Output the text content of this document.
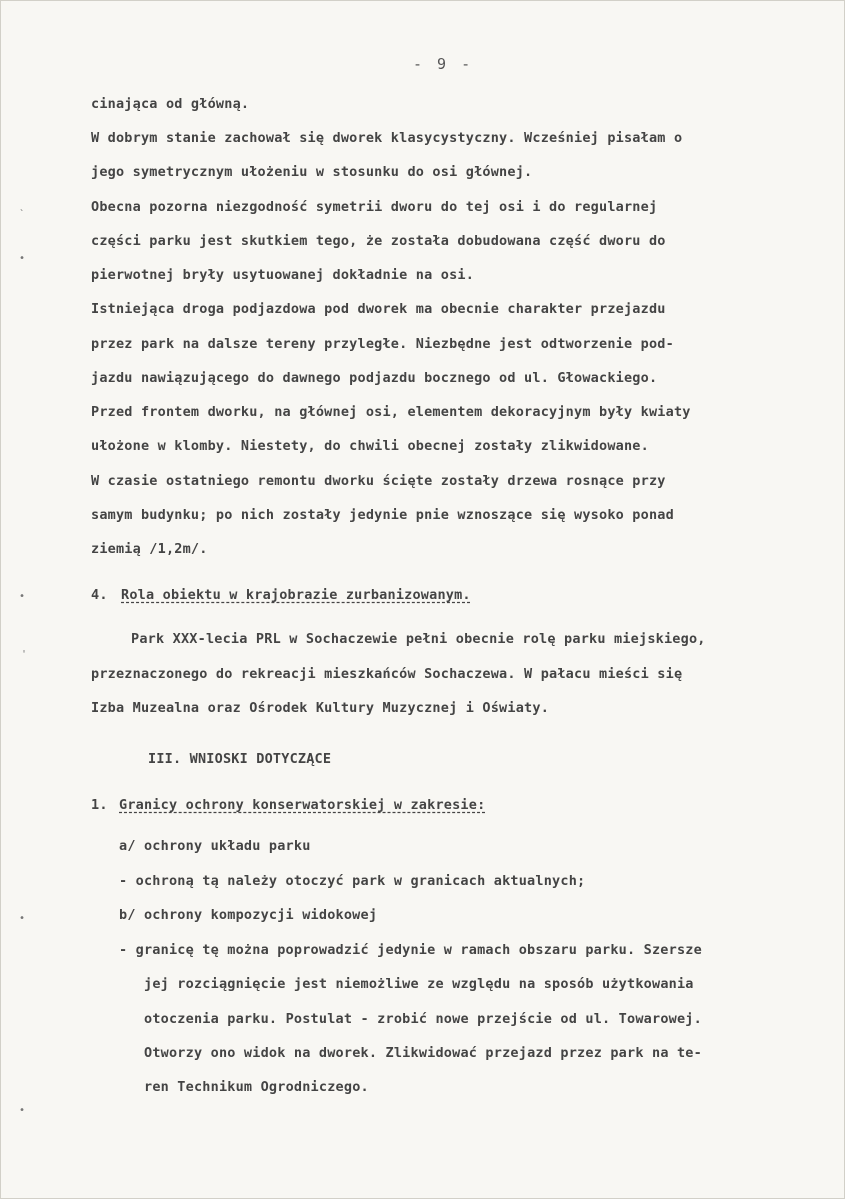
- 9 -
`
•
•
'
•
•
cinająca od główną.
W dobrym stanie zachował się dworek klasycystyczny. Wcześniej pisałam o
jego symetrycznym ułożeniu w stosunku do osi głównej.
Obecna pozorna niezgodność symetrii dworu do tej osi i do regularnej
części parku jest skutkiem tego, że została dobudowana część dworu do
pierwotnej bryły usytuowanej dokładnie na osi.
Istniejąca droga podjazdowa pod dworek ma obecnie charakter przejazdu
przez park na dalsze tereny przyległe. Niezbędne jest odtworzenie pod-
jazdu nawiązującego do dawnego podjazdu bocznego od ul. Głowackiego.
Przed frontem dworku, na głównej osi, elementem dekoracyjnym były kwiaty
ułożone w klomby. Niestety, do chwili obecnej zostały zlikwidowane.
W czasie ostatniego remontu dworku ścięte zostały drzewa rosnące przy
samym budynku; po nich zostały jedynie pnie wznoszące się wysoko ponad
ziemią /1,2m/.
4. Rola obiektu w krajobrazie zurbanizowanym.
Park XXX-lecia PRL w Sochaczewie pełni obecnie rolę parku miejskiego,
przeznaczonego do rekreacji mieszkańców Sochaczewa. W pałacu mieści się
Izba Muzealna oraz Ośrodek Kultury Muzycznej i Oświaty.
III. WNIOSKI DOTYCZĄCE
1. Granicy ochrony konserwatorskiej w zakresie:
a/ ochrony układu parku
- ochroną tą należy otoczyć park w granicach aktualnych;
b/ ochrony kompozycji widokowej
- granicę tę można poprowadzić jedynie w ramach obszaru parku. Szersze
jej rozciągnięcie jest niemożliwe ze względu na sposób użytkowania
otoczenia parku. Postulat - zrobić nowe przejście od ul. Towarowej.
Otworzy ono widok na dworek. Zlikwidować przejazd przez park na te-
ren Technikum Ogrodniczego.
